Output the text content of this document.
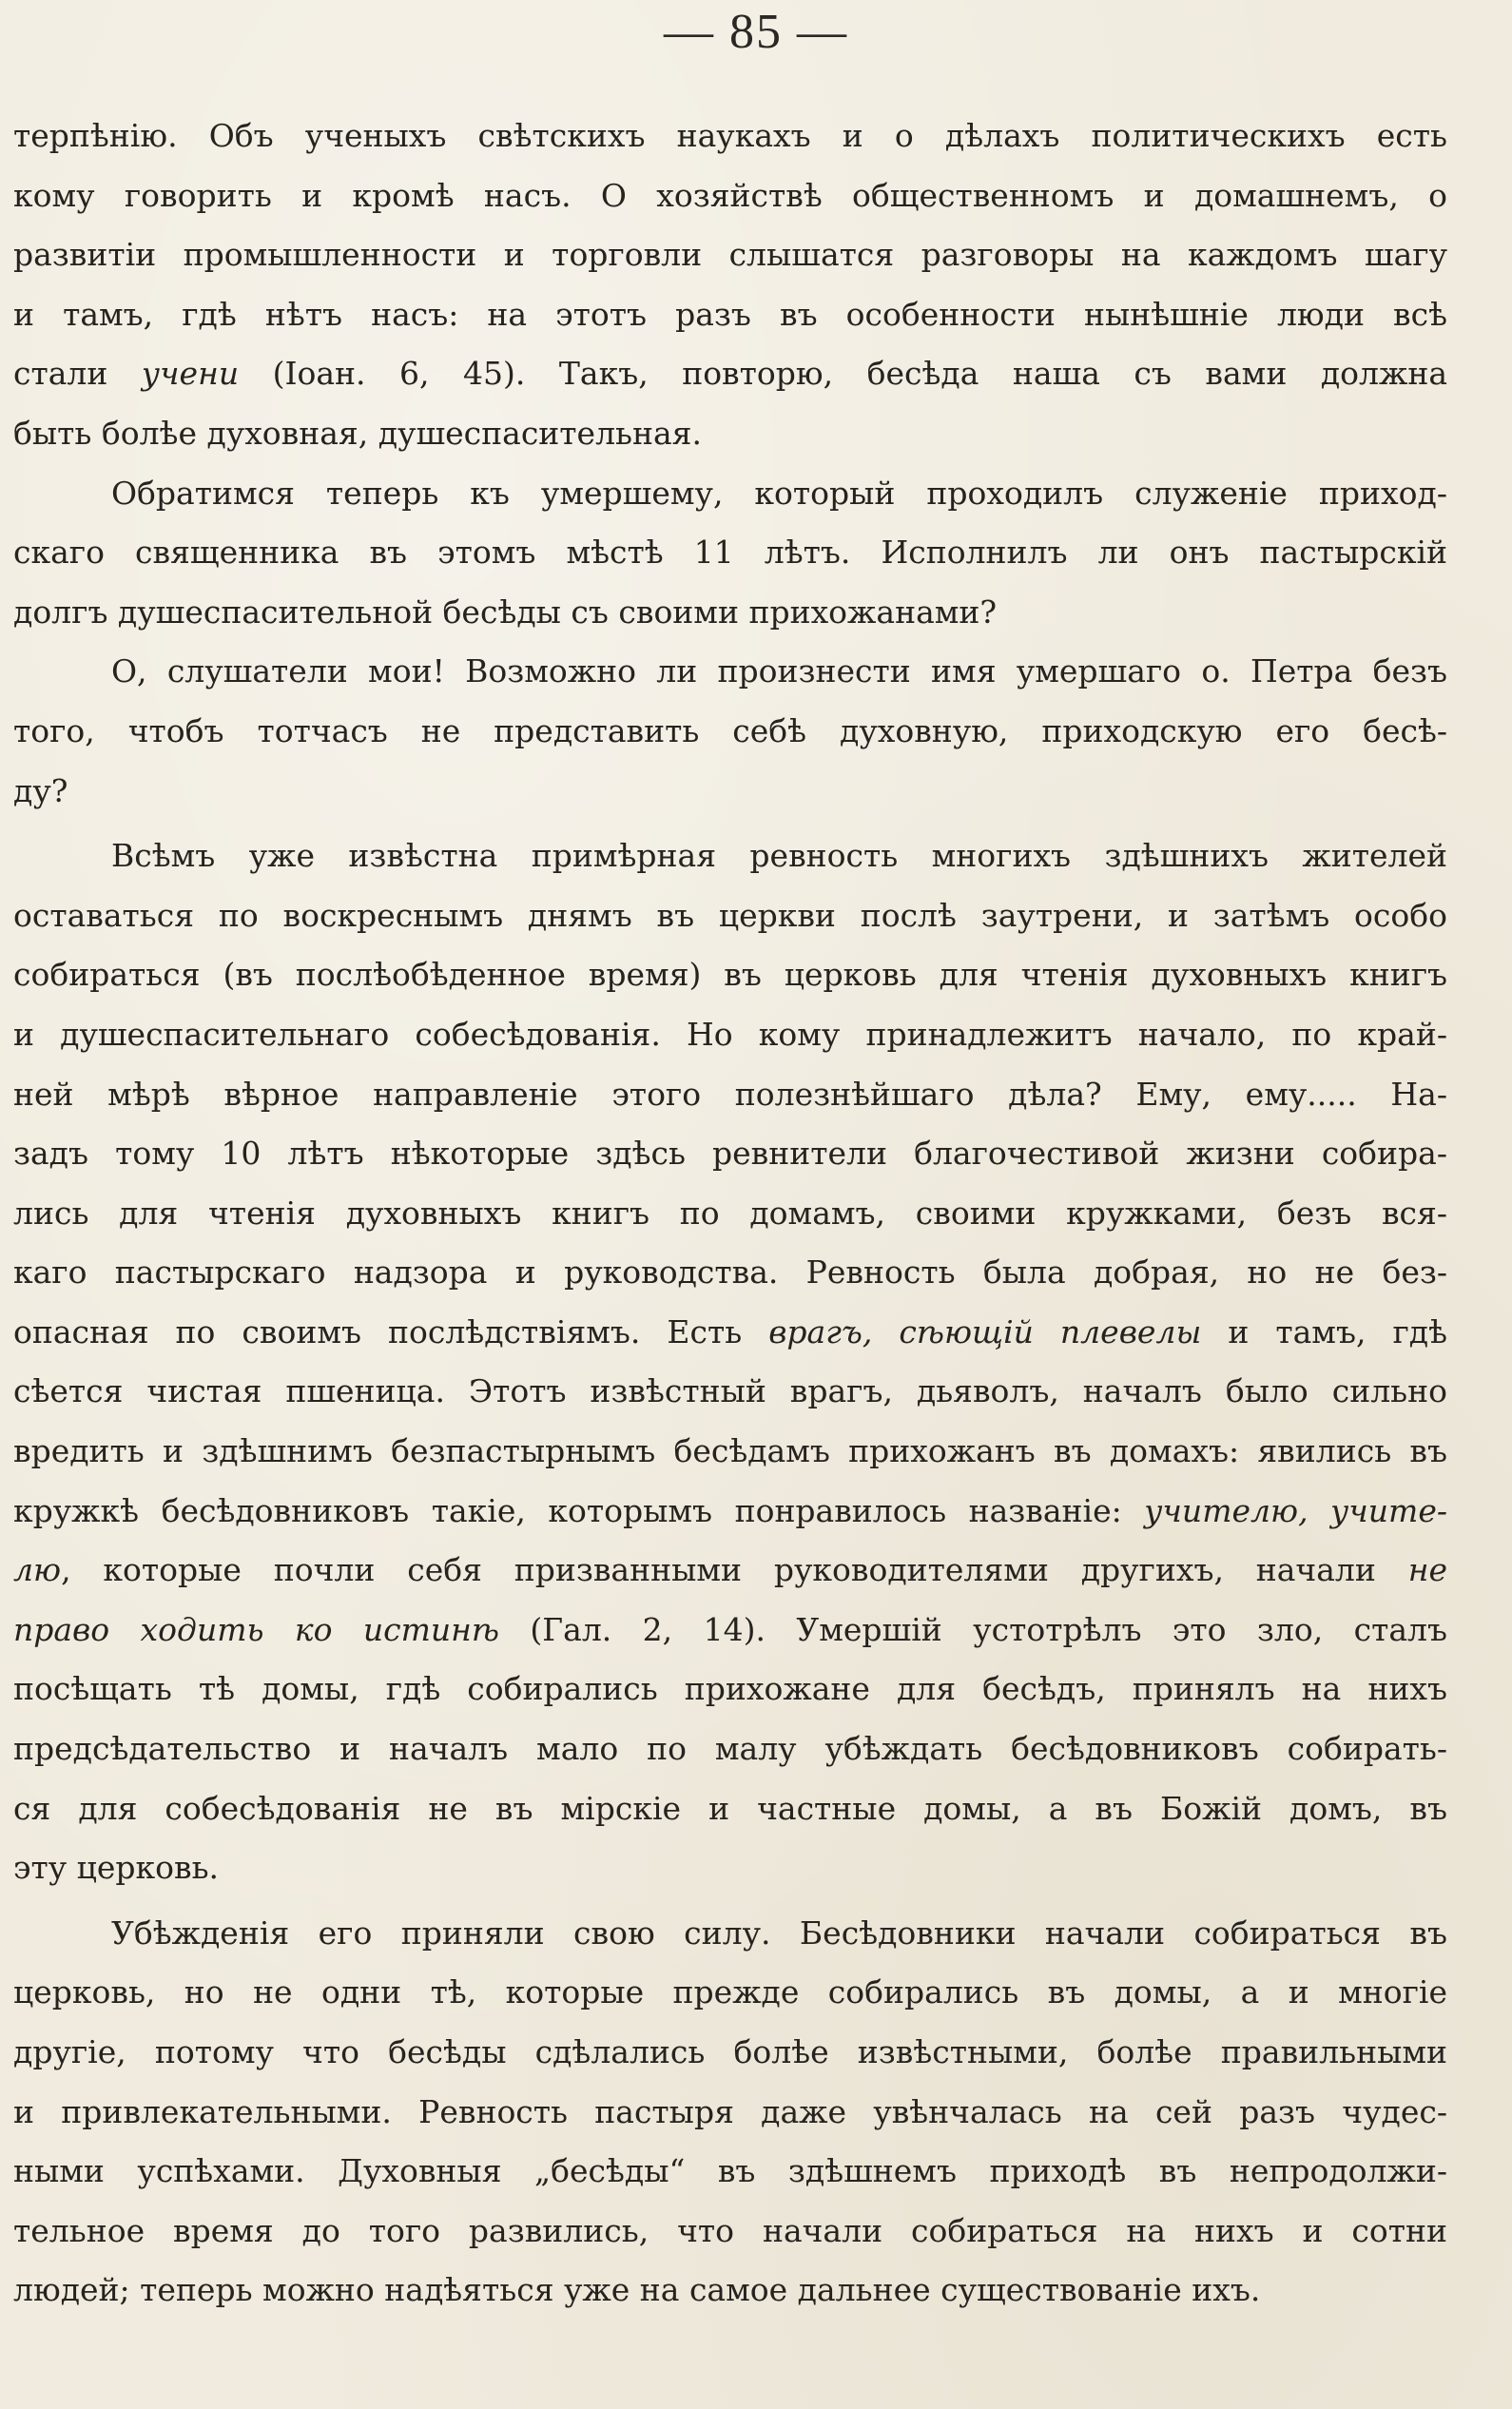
— 85 —
терпѣнію. Объ ученыхъ свѣтскихъ наукахъ и о дѣлахъ политическихъ есть
кому говорить и кромѣ насъ. О хозяйствѣ общественномъ и домашнемъ, о
развитіи промышленности и торговли слышатся разговоры на каждомъ шагу
и тамъ, гдѣ нѣтъ насъ: на этотъ разъ въ особенности нынѣшніе люди всѣ
стали учени (Іоан. 6, 45). Такъ, повторю, бесѣда наша съ вами должна
быть болѣе духовная, душеспасительная.
Обратимся теперь къ умершему, который проходилъ служеніе приход-
скаго священника въ этомъ мѣстѣ 11 лѣтъ. Исполнилъ ли онъ пастырскій
долгъ душеспасительной бесѣды съ своими прихожанами?
О, слушатели мои! Возможно ли произнести имя умершаго о. Петра безъ
того, чтобъ тотчасъ не представить себѣ духовную, приходскую его бесѣ-
ду?
Всѣмъ уже извѣстна примѣрная ревность многихъ здѣшнихъ жителей
оставаться по воскреснымъ днямъ въ церкви послѣ заутрени, и затѣмъ особо
собираться (въ послѣобѣденное время) въ церковь для чтенія духовныхъ книгъ
и душеспасительнаго собесѣдованія. Но кому принадлежитъ начало, по край-
ней мѣрѣ вѣрное направленіе этого полезнѣйшаго дѣла? Ему, ему..... На-
задъ тому 10 лѣтъ нѣкоторые здѣсь ревнители благочестивой жизни собира-
лись для чтенія духовныхъ книгъ по домамъ, своими кружками, безъ вся-
каго пастырскаго надзора и руководства. Ревность была добрая, но не без-
опасная по своимъ послѣдствіямъ. Есть врагъ, сѣющій плевелы и тамъ, гдѣ
сѣется чистая пшеница. Этотъ извѣстный врагъ, дьяволъ, началъ было сильно
вредить и здѣшнимъ безпастырнымъ бесѣдамъ прихожанъ въ домахъ: явились въ
кружкѣ бесѣдовниковъ такіе, которымъ понравилось названіе: учителю, учите-
лю, которые почли себя призванными руководителями другихъ, начали не
право ходить ко истинѣ (Гал. 2, 14). Умершій устотрѣлъ это зло, сталъ
посѣщать тѣ домы, гдѣ собирались прихожане для бесѣдъ, принялъ на нихъ
предсѣдательство и началъ мало по малу убѣждать бесѣдовниковъ собирать-
ся для собесѣдованія не въ мірскіе и частные домы, а въ Божій домъ, въ
эту церковь.
Убѣжденія его приняли свою силу. Бесѣдовники начали собираться въ
церковь, но не одни тѣ, которые прежде собирались въ домы, а и многіе
другіе, потому что бесѣды сдѣлались болѣе извѣстными, болѣе правильными
и привлекательными. Ревность пастыря даже увѣнчалась на сей разъ чудес-
ными успѣхами. Духовныя „бесѣды“ въ здѣшнемъ приходѣ въ непродолжи-
тельное время до того развились, что начали собираться на нихъ и сотни
людей; теперь можно надѣяться уже на самое дальнее существованіе ихъ.
